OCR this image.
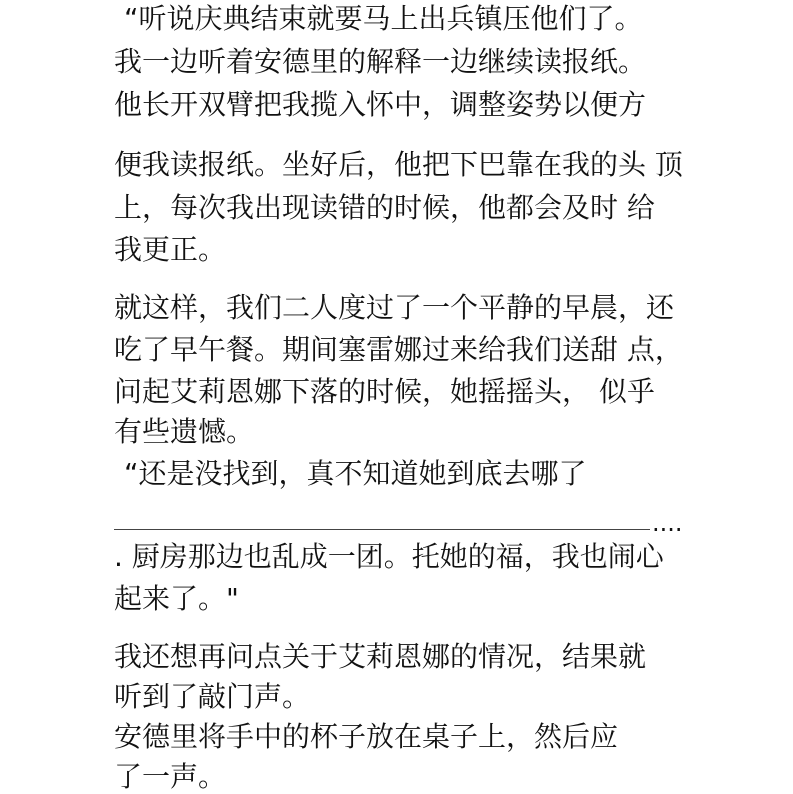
“听说庆典结束就要马上出兵镇压他们了。
我一边听着安德里的解释一边继续读报纸。
他长开双臂把我揽入怀中，调整姿势以便方
便我读报纸。坐好后，他把下巴靠在我的头 顶
上，每次我出现读错的时候，他都会及时 给
我更正。
就这样，我们二人度过了一个平静的早晨，还
吃了早午餐。期间塞雷娜过来给我们送甜 点，
问起艾莉恩娜下落的时候，她摇摇头， 似乎
有些遗憾。
“还是没找到，真不知道她到底去哪了
....
. 厨房那边也乱成一团。托她的福，我也闹心
起来了。"
我还想再问点关于艾莉恩娜的情况，结果就
听到了敲门声。
安德里将手中的杯子放在桌子上，然后应
了一声。
